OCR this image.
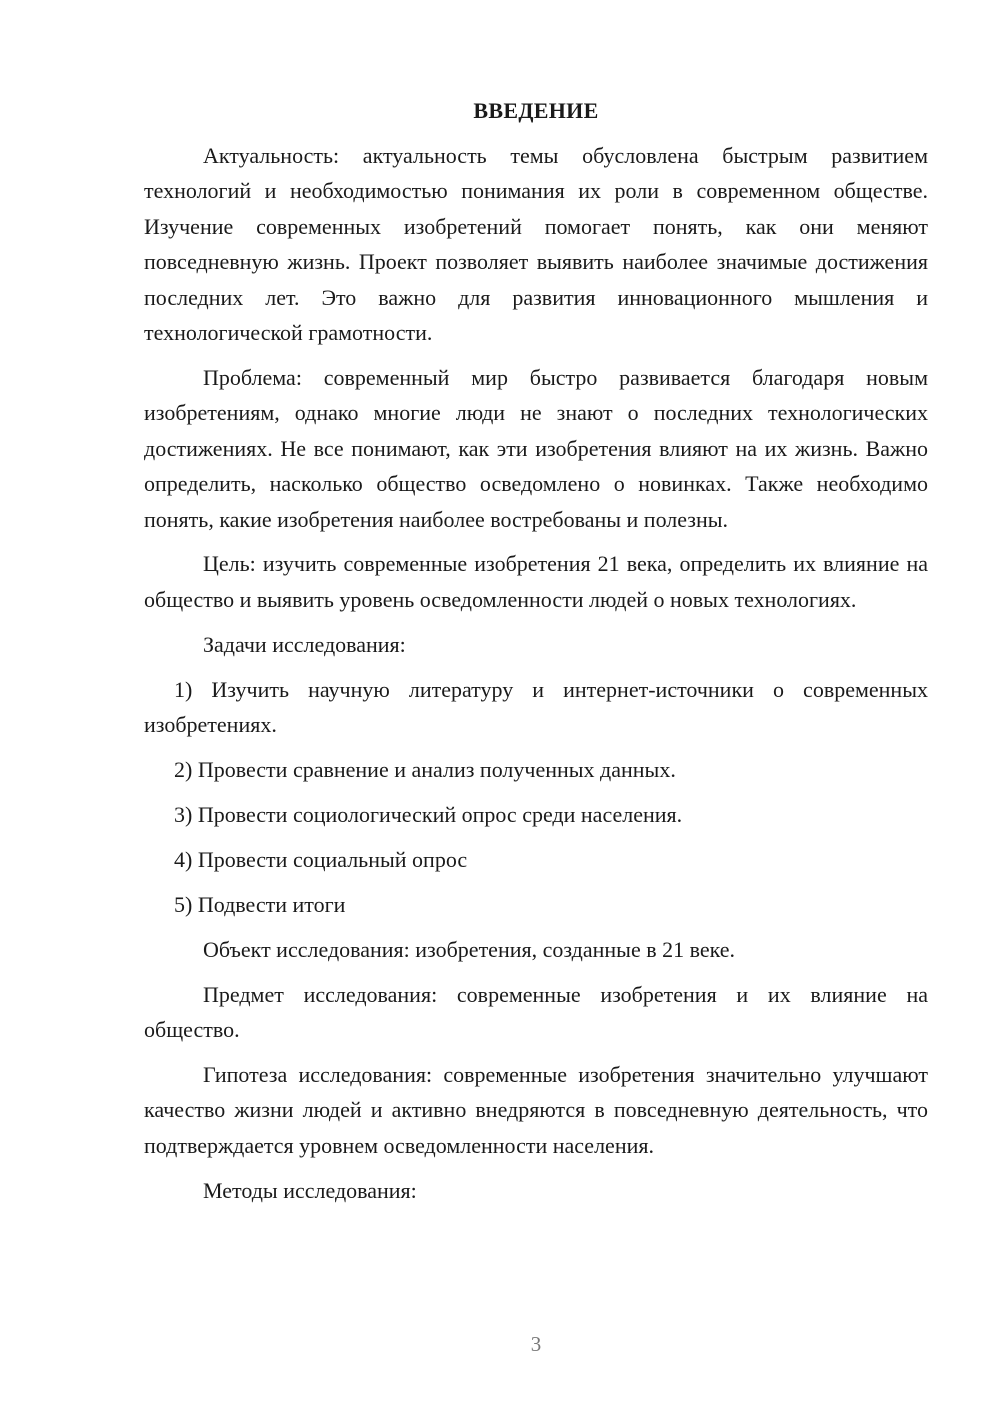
ВВЕДЕНИЕ

Актуальность: актуальность темы обусловлена быстрым развитием технологий и необходимостью понимания их роли в современном обществе. Изучение современных изобретений помогает понять, как они меняют повседневную жизнь. Проект позволяет выявить наиболее значимые достижения последних лет. Это важно для развития инновационного мышления и технологической грамотности.

Проблема: современный мир быстро развивается благодаря новым изобретениям, однако многие люди не знают о последних технологических достижениях. Не все понимают, как эти изобретения влияют на их жизнь. Важно определить, насколько общество осведомлено о новинках. Также необходимо понять, какие изобретения наиболее востребованы и полезны.

Цель: изучить современные изобретения 21 века, определить их влияние на общество и выявить уровень осведомленности людей о новых технологиях.

Задачи исследования:

1) Изучить научную литературу и интернет-источники о современных изобретениях.

2) Провести сравнение и анализ полученных данных.

3) Провести социологический опрос среди населения.

4) Провести социальный опрос

5) Подвести итоги

Объект исследования: изобретения, созданные в 21 веке.

Предмет исследования: современные изобретения и их влияние на общество.

Гипотеза исследования: современные изобретения значительно улучшают качество жизни людей и активно внедряются в повседневную деятельность, что подтверждается уровнем осведомленности населения.

Методы исследования:

3
